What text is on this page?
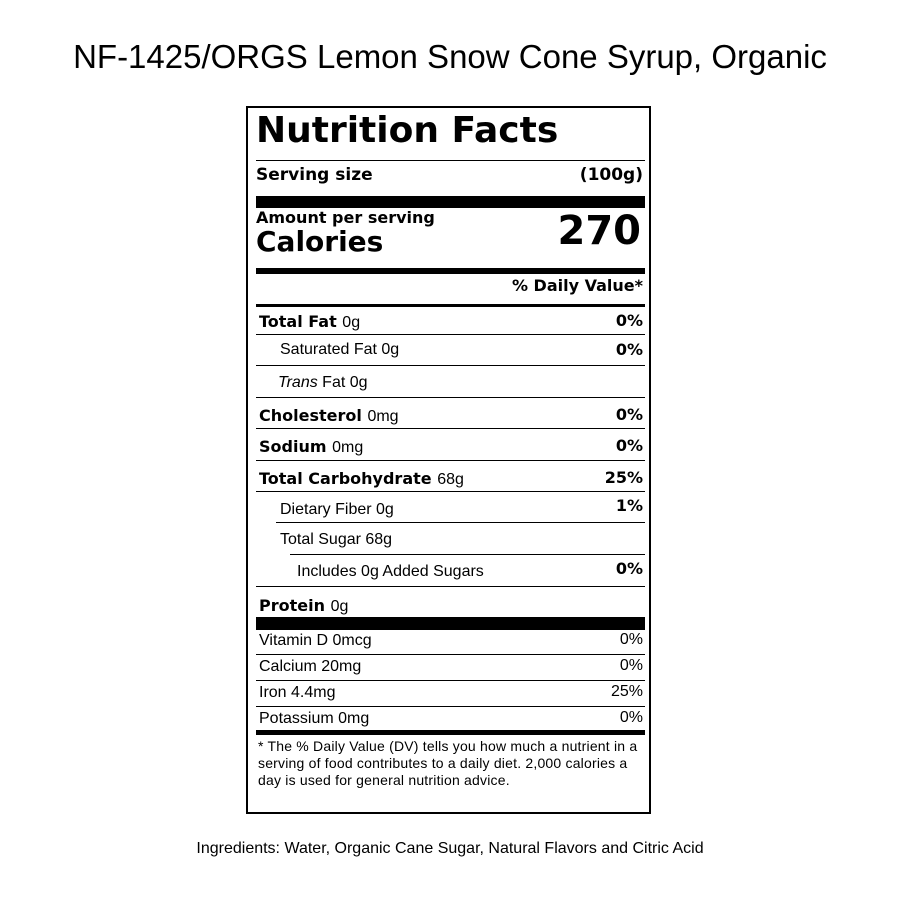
NF-1425/ORGS Lemon Snow Cone Syrup, Organic
Nutrition Facts
Serving size	(100g)
Amount per serving
Calories	270
% Daily Value*
Total Fat 0g	0%
Saturated Fat 0g	0%
Trans Fat 0g
Cholesterol 0mg	0%
Sodium 0mg	0%
Total Carbohydrate 68g	25%
Dietary Fiber 0g	1%
Total Sugar 68g
Includes 0g Added Sugars	0%
Protein 0g
Vitamin D 0mcg	0%
Calcium 20mg	0%
Iron 4.4mg	25%
Potassium 0mg	0%
* The % Daily Value (DV) tells you how much a nutrient in a serving of food contributes to a daily diet. 2,000 calories a day is used for general nutrition advice.
Ingredients: Water, Organic Cane Sugar, Natural Flavors and Citric Acid
